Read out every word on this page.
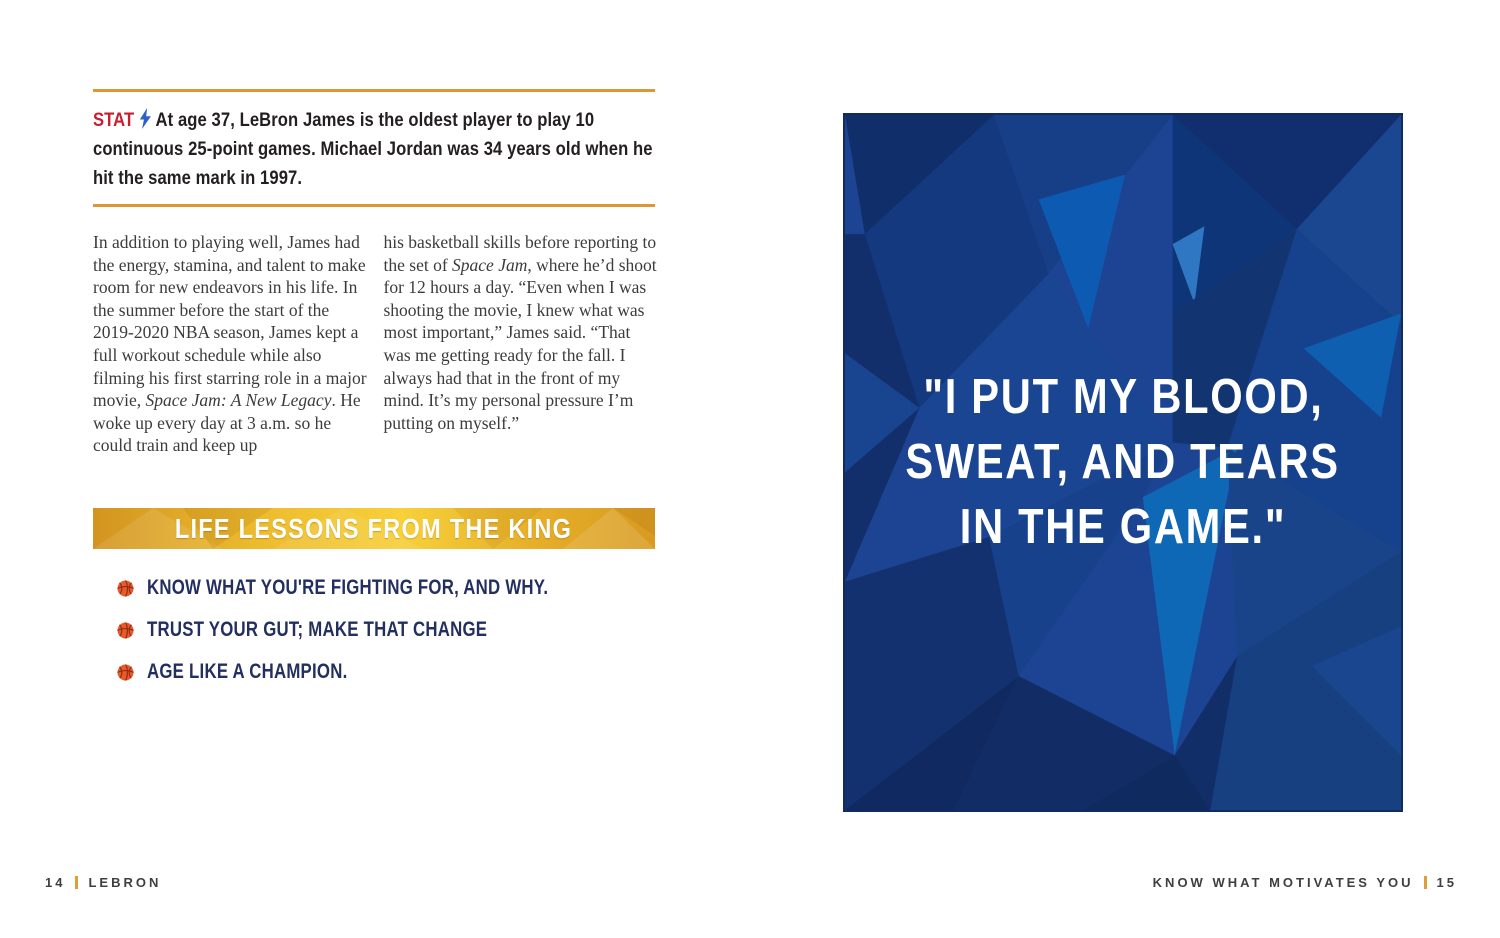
STAT At age 37, LeBron James is the oldest player to play 10 continuous 25-point games. Michael Jordan was 34 years old when he hit the same mark in 1997.

In addition to playing well, James had the energy, stamina, and talent to make room for new endeavors in his life. In the summer before the start of the 2019-2020 NBA season, James kept a full workout schedule while also filming his first starring role in a major movie, Space Jam: A New Legacy. He woke up every day at 3 a.m. so he could train and keep up

his basketball skills before reporting to the set of Space Jam, where he’d shoot for 12 hours a day. “Even when I was shooting the movie, I knew what was most important,” James said. “That was me getting ready for the fall. I always had that in the front of my mind. It’s my personal pressure I’m putting on myself.”

LIFE LESSONS FROM THE KING
KNOW WHAT YOU'RE FIGHTING FOR, AND WHY.
TRUST YOUR GUT; MAKE THAT CHANGE
AGE LIKE A CHAMPION.
14 LEBRON
"I PUT MY BLOOD,
SWEAT, AND TEARS
IN THE GAME."
KNOW WHAT MOTIVATES YOU 15
